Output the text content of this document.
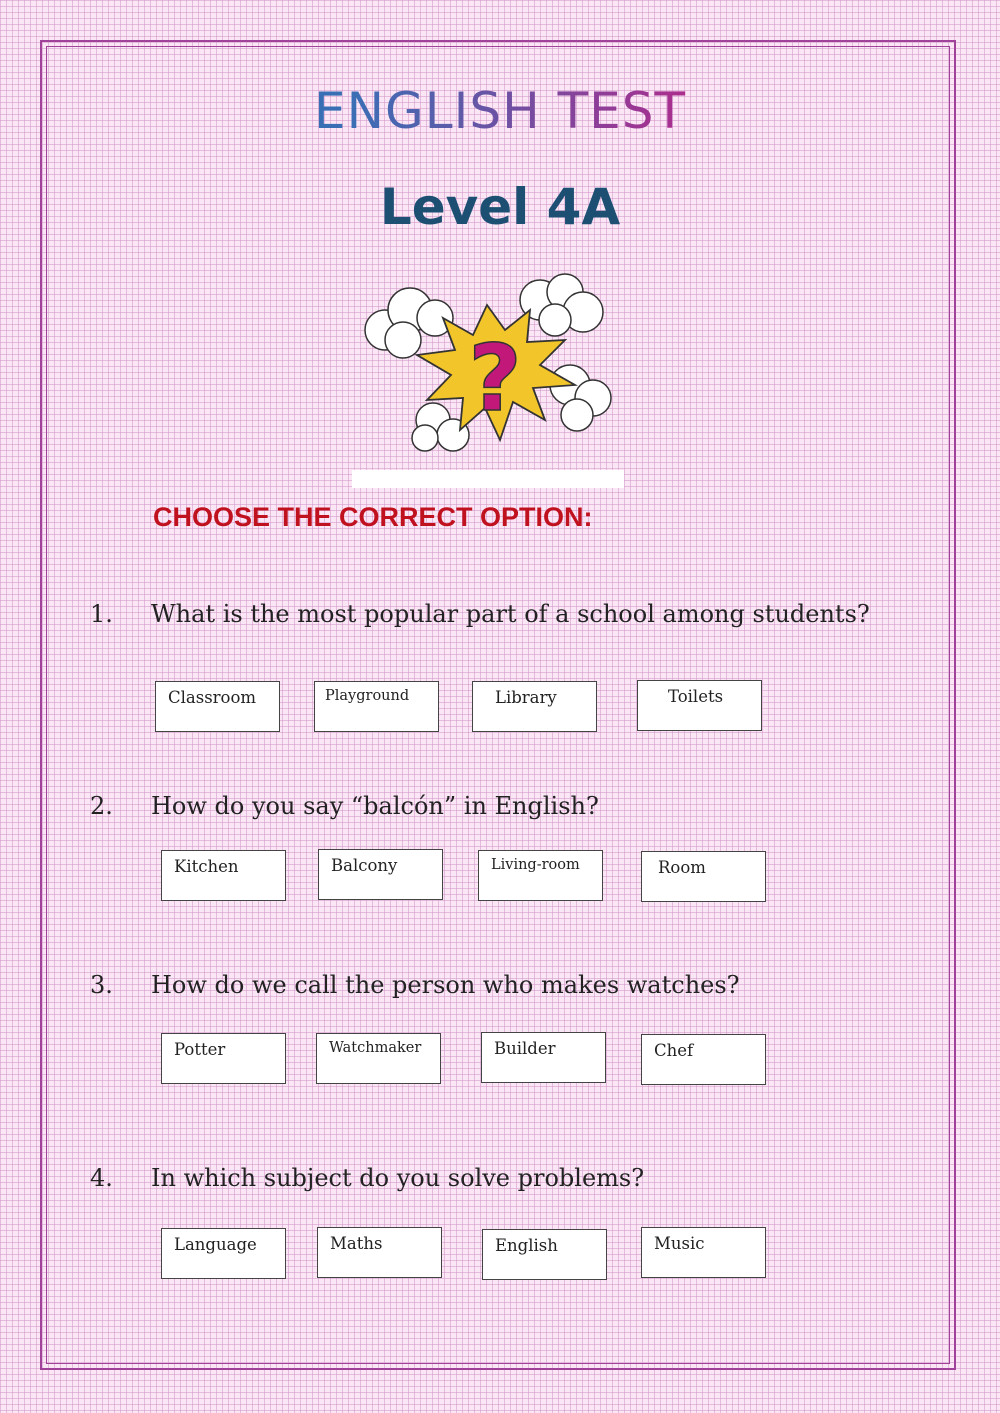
ENGLISH TEST
Level 4A
?
CHOOSE THE CORRECT OPTION:
1. What is the most popular part of a school among students?
Classroom	Playground	Library	Toilets
2. How do you say “balcón” in English?
Kitchen	Balcony	Living-room	Room
3. How do we call the person who makes watches?
Potter	Watchmaker	Builder	Chef
4. In which subject do you solve problems?
Language	Maths	English	Music
